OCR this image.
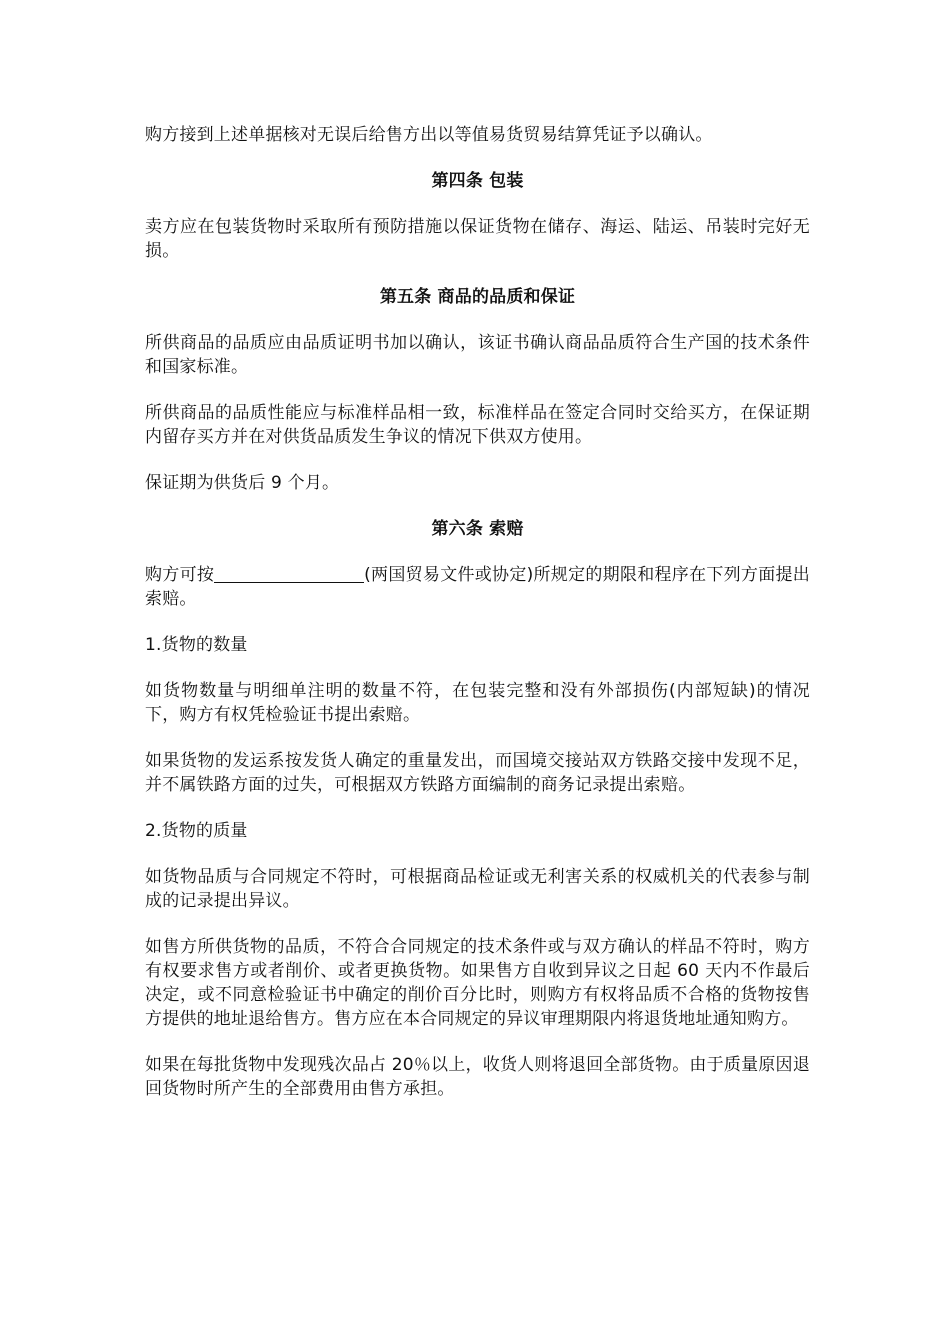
购方接到上述单据核对无误后给售方出以等值易货贸易结算凭证予以确认。

第四条 包装

卖方应在包装货物时采取所有预防措施以保证货物在储存、海运、陆运、吊装时完好无损。

第五条 商品的品质和保证

所供商品的品质应由品质证明书加以确认，该证书确认商品品质符合生产国的技术条件和国家标准。

所供商品的品质性能应与标准样品相一致，标准样品在签定合同时交给买方，在保证期内留存买方并在对供货品质发生争议的情况下供双方使用。

保证期为供货后 9 个月。

第六条 索赔

购方可按	(两国贸易文件或协定)所规定的期限和程序在下列方面提出索赔。

1.货物的数量

如货物数量与明细单注明的数量不符，在包装完整和没有外部损伤(内部短缺)的情况下，购方有权凭检验证书提出索赔。

如果货物的发运系按发货人确定的重量发出，而国境交接站双方铁路交接中发现不足，并不属铁路方面的过失，可根据双方铁路方面编制的商务记录提出索赔。

2.货物的质量

如货物品质与合同规定不符时，可根据商品检证或无利害关系的权威机关的代表参与制成的记录提出异议。

如售方所供货物的品质，不符合合同规定的技术条件或与双方确认的样品不符时，购方有权要求售方或者削价、或者更换货物。如果售方自收到异议之日起 60 天内不作最后决定，或不同意检验证书中确定的削价百分比时，则购方有权将品质不合格的货物按售方提供的地址退给售方。售方应在本合同规定的异议审理期限内将退货地址通知购方。

如果在每批货物中发现残次品占 20％以上，收货人则将退回全部货物。由于质量原因退回货物时所产生的全部费用由售方承担。
